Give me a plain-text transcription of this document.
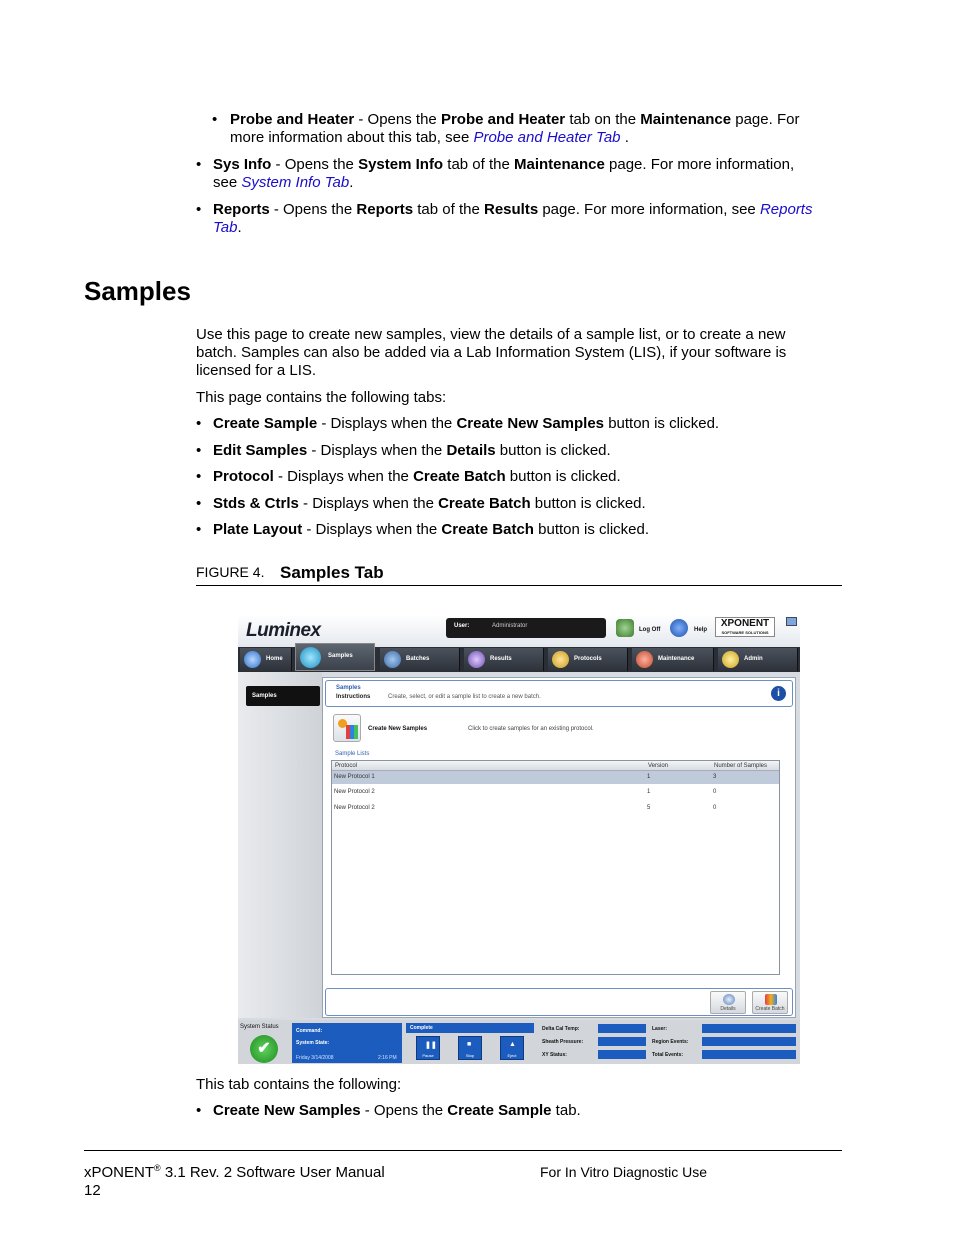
• Probe and Heater - Opens the Probe and Heater tab on the Maintenance page. For
more information about this tab, see Probe and Heater Tab .
• Sys Info - Opens the System Info tab of the Maintenance page. For more information,
see System Info Tab.
• Reports - Opens the Reports tab of the Results page. For more information, see Reports
Tab.
Samples
Use this page to create new samples, view the details of a sample list, or to create a new
batch. Samples can also be added via a Lab Information System (LIS), if your software is
licensed for a LIS.
This page contains the following tabs:
• Create Sample - Displays when the Create New Samples button is clicked.
• Edit Samples - Displays when the Details button is clicked.
• Protocol - Displays when the Create Batch button is clicked.
• Stds & Ctrls - Displays when the Create Batch button is clicked.
• Plate Layout - Displays when the Create Batch button is clicked.
FIGURE 4. Samples Tab
Luminex	User:	Administrator
Log Off	Help
XPONENT
SOFTWARE SOLUTIONS
Home	Samples	Batches	Results	Protocols	Maintenance	Admin
Samples
Samples
Instructions	Create, select, or edit a sample list to create a new batch.	i
Create New Samples	Click to create samples for an existing protocol.
Sample Lists
Protocol	Version	Number of Samples
New Protocol 1	1	3
New Protocol 2	1	0
New Protocol 2	5	0
Details	Create Batch
System Status
✔
Command:
System State:
Friday 3/14/2008	2:16 PM
Complete
❚❚
Pause
■
Stop
▲
Eject
Delta Cal Temp:
Sheath Pressure:
XY Status:
Laser:
Region Events:
Total Events:
This tab contains the following:
• Create New Samples - Opens the Create Sample tab.
xPONENT® 3.1 Rev. 2 Software User Manual
12
For In Vitro Diagnostic Use
